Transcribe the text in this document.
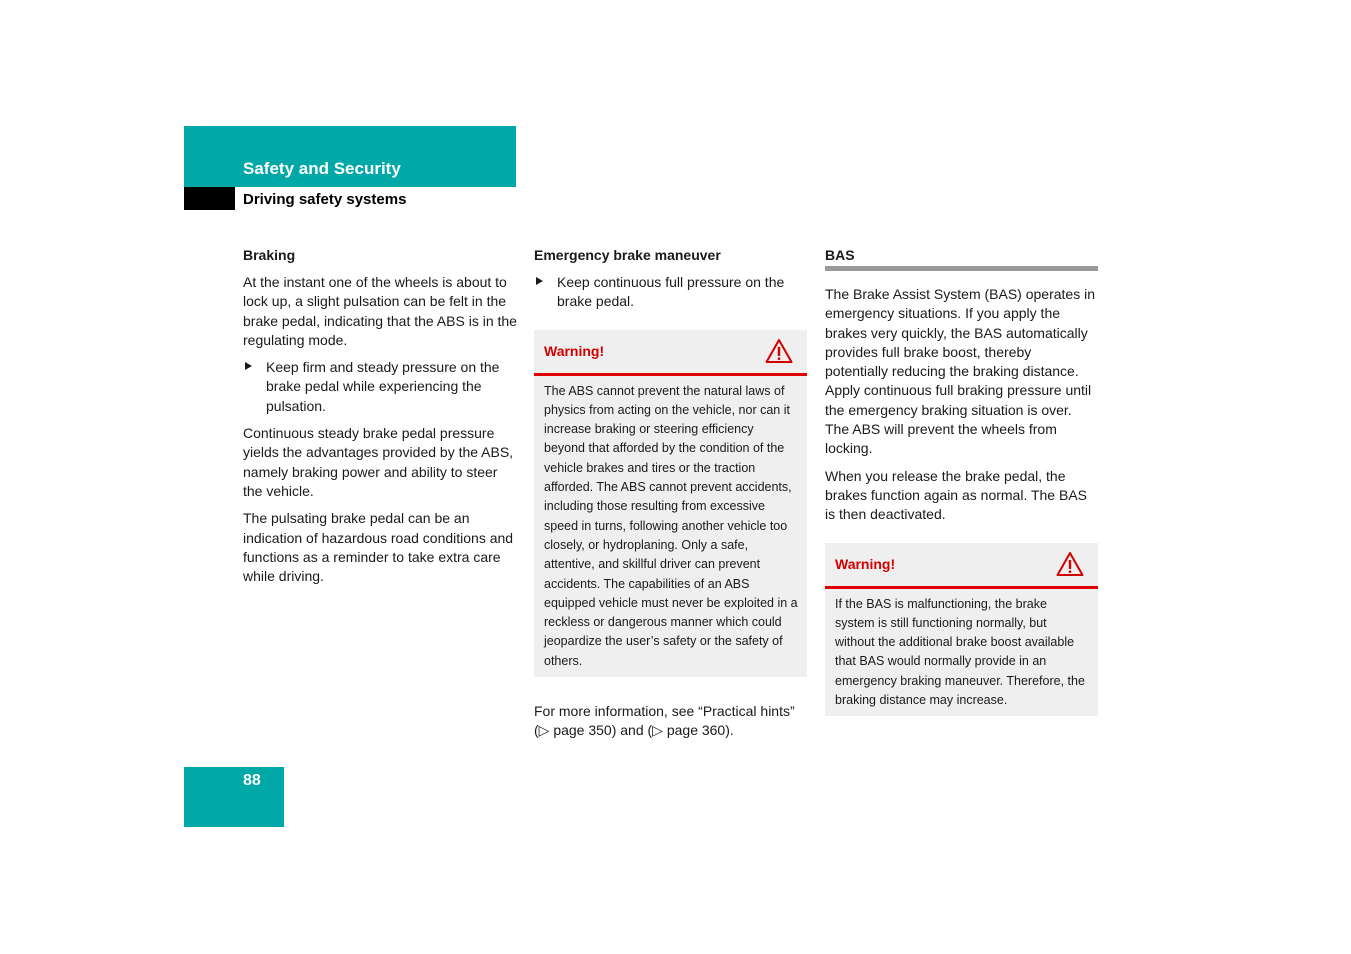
Safety and Security
Driving safety systems
Braking

At the instant one of the wheels is about to lock up, a slight pulsation can be felt in the brake pedal, indicating that the ABS is in the regulating mode.

Keep firm and steady pressure on the brake pedal while experiencing the pulsation.

Continuous steady brake pedal pressure yields the advantages provided by the ABS, namely braking power and ability to steer the vehicle.

The pulsating brake pedal can be an indication of hazardous road conditions and functions as a reminder to take extra care while driving.

Emergency brake maneuver
Keep continuous full pressure on the brake pedal.
Warning!
The ABS cannot prevent the natural laws of physics from acting on the vehicle, nor can it increase braking or steering efficiency beyond that afforded by the condition of the vehicle brakes and tires or the traction afforded. The ABS cannot prevent accidents, including those resulting from excessive speed in turns, following another vehicle too closely, or hydroplaning. Only a safe, attentive, and skillful driver can prevent accidents. The capabilities of an ABS equipped vehicle must never be exploited in a reckless or dangerous manner which could jeopardize the user’s safety or the safety of others.

For more information, see “Practical hints” (▷ page 350) and (▷ page 360).

BAS

The Brake Assist System (BAS) operates in emergency situations. If you apply the brakes very quickly, the BAS automatically provides full brake boost, thereby potentially reducing the braking distance. Apply continuous full braking pressure until the emergency braking situation is over. The ABS will prevent the wheels from locking.

When you release the brake pedal, the brakes function again as normal. The BAS is then deactivated.

Warning!
If the BAS is malfunctioning, the brake system is still functioning normally, but without the additional brake boost available that BAS would normally provide in an emergency braking maneuver. Therefore, the braking distance may increase.
88
